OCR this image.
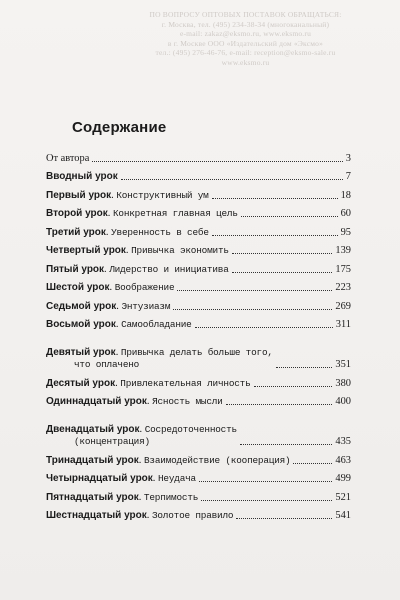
ПО ВОПРОСУ ОПТОВЫХ ПОСТАВОК ОБРАЩАТЬСЯ:
г. Москва, тел. (495) 234-38-34 (многоканальный)
e-mail: zakaz@eksmo.ru, www.eksmo.ru
в г. Москве ООО «Издательский дом «Эксмо»
тел.: (495) 276-46-76, e-mail: reception@eksmo-sale.ru
www.eksmo.ru
Содержание
От автора	3
Вводный урок	7
Первый урок. Конструктивный ум	18
Второй урок. Конкретная главная цель	60
Третий урок. Уверенность в себе	95
Четвертый урок. Привычка экономить	139
Пятый урок. Лидерство и инициатива	175
Шестой урок. Воображение	223
Седьмой урок. Энтузиазм	269
Восьмой урок. Самообладание	311
Девятый урок. Привычка делать больше того,
что оплачено	351
Десятый урок. Привлекательная личность	380
Одиннадцатый урок. Ясность мысли	400
Двенадцатый урок. Сосредоточенность
(концентрация)	435
Тринадцатый урок. Взаимодействие (кооперация)	463
Четырнадцатый урок. Неудача	499
Пятнадцатый урок. Терпимость	521
Шестнадцатый урок. Золотое правило	541
